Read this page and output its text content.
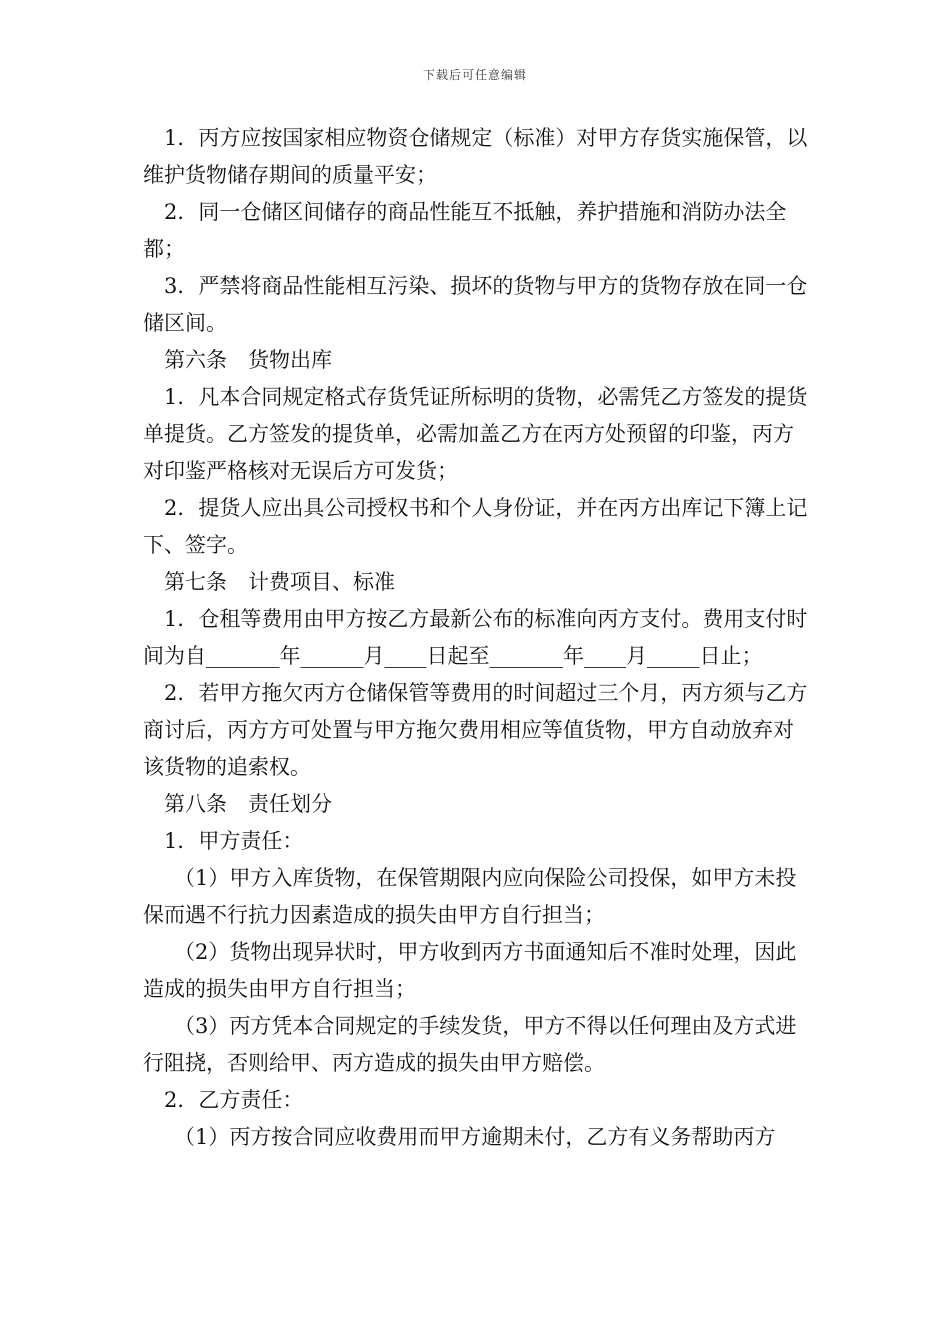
下载后可任意编辑

1．丙方应按国家相应物资仓储规定（标准）对甲方存货实施保管，以维护货物储存期间的质量平安；

2．同一仓储区间储存的商品性能互不抵触，养护措施和消防办法全都；

3．严禁将商品性能相互污染、损坏的货物与甲方的货物存放在同一仓储区间。

第六条　货物出库

1．凡本合同规定格式存货凭证所标明的货物，必需凭乙方签发的提货单提货。乙方签发的提货单，必需加盖乙方在丙方处预留的印鉴，丙方对印鉴严格核对无误后方可发货；

2．提货人应出具公司授权书和个人身份证，并在丙方出库记下簿上记下、签字。

第七条　计费项目、标准

1．仓租等费用由甲方按乙方最新公布的标准向丙方支付。费用支付时间为自_______年______月____日起至_______年____月_____日止；

2．若甲方拖欠丙方仓储保管等费用的时间超过三个月，丙方须与乙方商讨后，丙方方可处置与甲方拖欠费用相应等值货物，甲方自动放弃对该货物的追索权。

第八条　责任划分

1．甲方责任：

（1）甲方入库货物，在保管期限内应向保险公司投保，如甲方未投保而遇不行抗力因素造成的损失由甲方自行担当；

（2）货物出现异状时，甲方收到丙方书面通知后不准时处理，因此造成的损失由甲方自行担当；

（3）丙方凭本合同规定的手续发货，甲方不得以任何理由及方式进行阻挠，否则给甲、丙方造成的损失由甲方赔偿。

2．乙方责任：

（1）丙方按合同应收费用而甲方逾期未付，乙方有义务帮助丙方
